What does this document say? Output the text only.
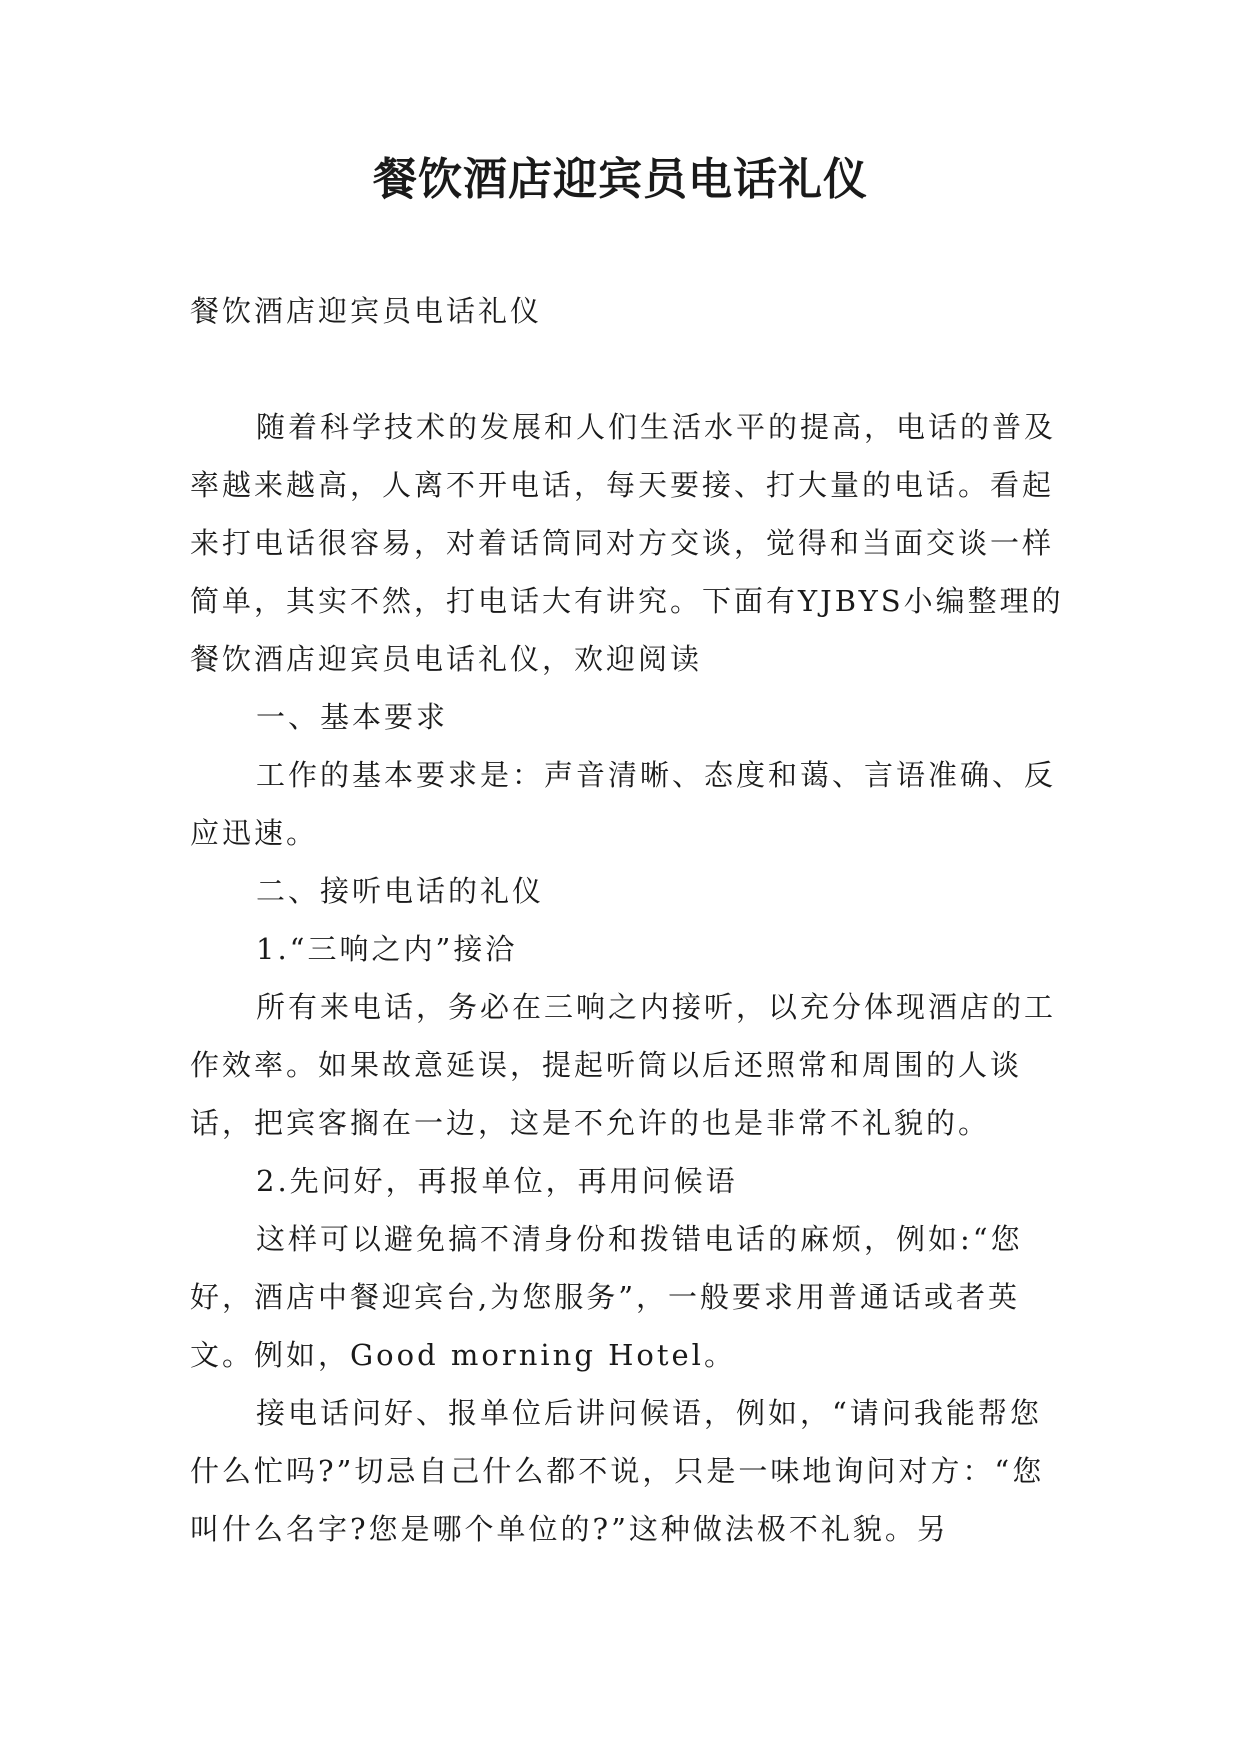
餐饮酒店迎宾员电话礼仪

餐饮酒店迎宾员电话礼仪

随着科学技术的发展和人们生活水平的提高，电话的普及率越来越高，人离不开电话，每天要接、打大量的电话。看起来打电话很容易，对着话筒同对方交谈，觉得和当面交谈一样简单，其实不然，打电话大有讲究。下面有YJBYS小编整理的餐饮酒店迎宾员电话礼仪，欢迎阅读

一、基本要求

工作的基本要求是：声音清晰、态度和蔼、言语准确、反应迅速。

二、接听电话的礼仪

1.“三响之内”接洽

所有来电话，务必在三响之内接听，以充分体现酒店的工作效率。如果故意延误，提起听筒以后还照常和周围的人谈话，把宾客搁在一边，这是不允许的也是非常不礼貌的。

2.先问好，再报单位，再用问候语

这样可以避免搞不清身份和拨错电话的麻烦，例如:“您好，酒店中餐迎宾台,为您服务”，一般要求用普通话或者英文。例如，Good morning Hotel。

接电话问好、报单位后讲问候语，例如，“请问我能帮您什么忙吗?”切忌自己什么都不说，只是一味地询问对方：“您叫什么名字?您是哪个单位的?”这种做法极不礼貌。另
